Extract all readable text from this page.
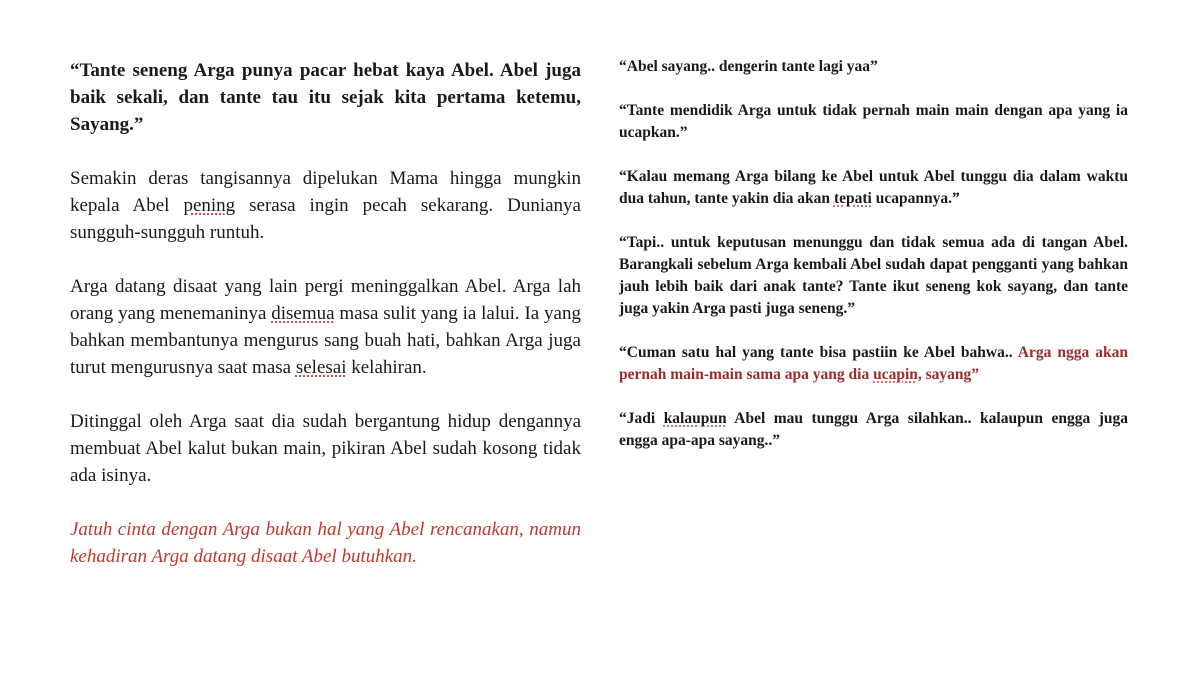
“Tante seneng Arga punya pacar hebat kaya Abel. Abel juga baik sekali, dan tante tau itu sejak kita pertama ketemu, Sayang.”

Semakin deras tangisannya dipelukan Mama hingga mungkin kepala Abel pening serasa ingin pecah sekarang. Dunianya sungguh-sungguh runtuh.

Arga datang disaat yang lain pergi meninggalkan Abel. Arga lah orang yang menemaninya disemua masa sulit yang ia lalui. Ia yang bahkan membantunya mengurus sang buah hati, bahkan Arga juga turut mengurusnya saat masa selesai kelahiran.

Ditinggal oleh Arga saat dia sudah bergantung hidup dengannya membuat Abel kalut bukan main, pikiran Abel sudah kosong tidak ada isinya.

Jatuh cinta dengan Arga bukan hal yang Abel rencanakan, namun kehadiran Arga datang disaat Abel butuhkan.

“Abel sayang.. dengerin tante lagi yaa”

“Tante mendidik Arga untuk tidak pernah main main dengan apa yang ia ucapkan.”

“Kalau memang Arga bilang ke Abel untuk Abel tunggu dia dalam waktu dua tahun, tante yakin dia akan tepati ucapannya.”

“Tapi.. untuk keputusan menunggu dan tidak semua ada di tangan Abel. Barangkali sebelum Arga kembali Abel sudah dapat pengganti yang bahkan jauh lebih baik dari anak tante? Tante ikut seneng kok sayang, dan tante juga yakin Arga pasti juga seneng.”

“Cuman satu hal yang tante bisa pastiin ke Abel bahwa.. Arga ngga akan pernah main-main sama apa yang dia ucapin, sayang”

“Jadi kalaupun Abel mau tunggu Arga silahkan.. kalaupun engga juga engga apa-apa sayang..”
